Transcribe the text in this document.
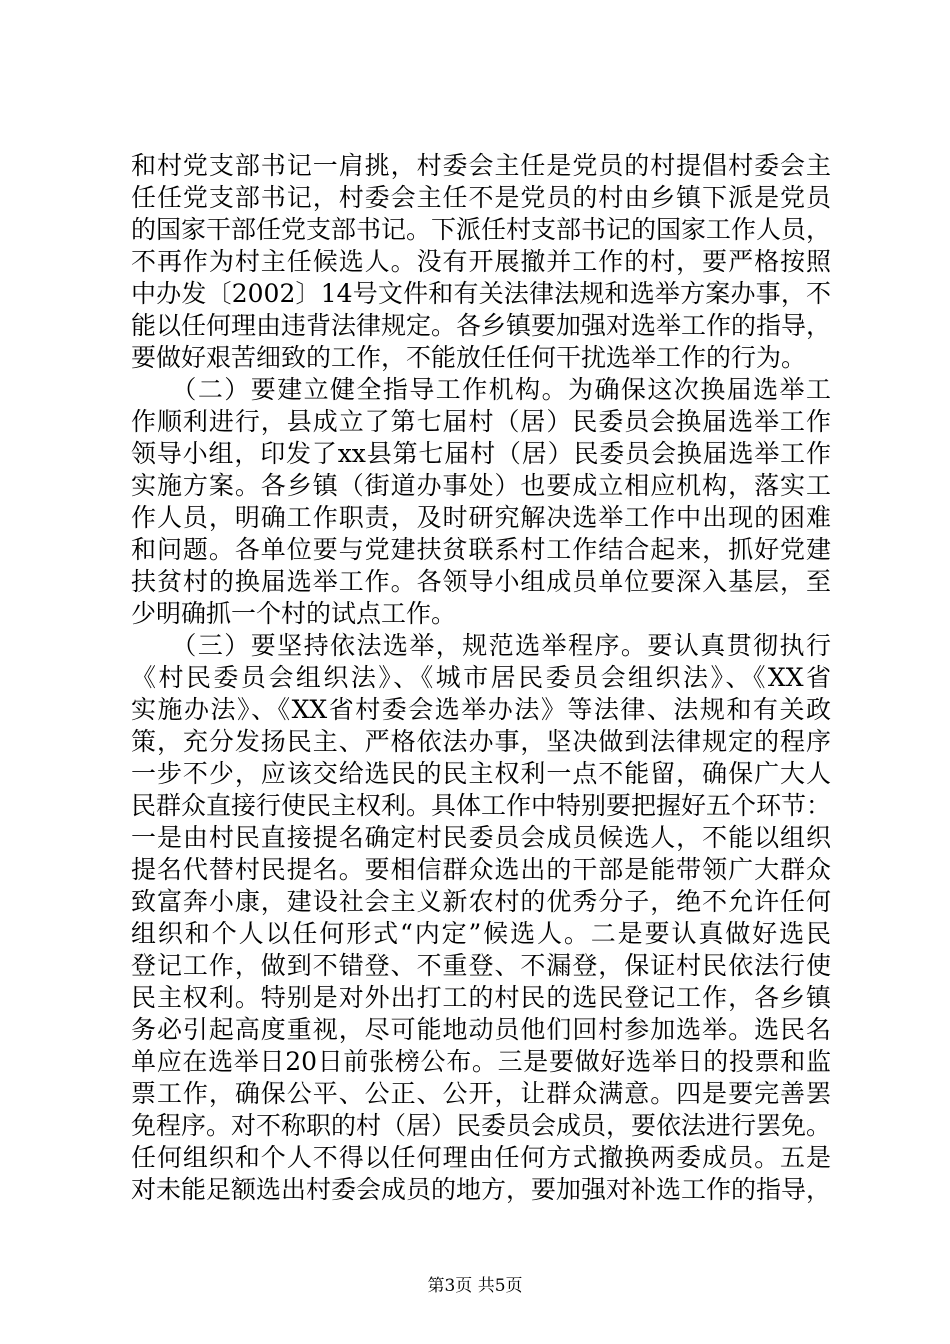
和村党支部书记一肩挑，村委会主任是党员的村提倡村委会主
任任党支部书记，村委会主任不是党员的村由乡镇下派是党员
的国家干部任党支部书记。下派任村支部书记的国家工作人员，
不再作为村主任候选人。没有开展撤并工作的村，要严格按照
中办发〔2002〕14号文件和有关法律法规和选举方案办事，不
能以任何理由违背法律规定。各乡镇要加强对选举工作的指导，
要做好艰苦细致的工作，不能放任任何干扰选举工作的行为。
　　（二）要建立健全指导工作机构。为确保这次换届选举工
作顺利进行，县成立了第七届村（居）民委员会换届选举工作
领导小组，印发了xx县第七届村（居）民委员会换届选举工作
实施方案。各乡镇（街道办事处）也要成立相应机构，落实工
作人员，明确工作职责，及时研究解决选举工作中出现的困难
和问题。各单位要与党建扶贫联系村工作结合起来，抓好党建
扶贫村的换届选举工作。各领导小组成员单位要深入基层，至
少明确抓一个村的试点工作。
　　（三）要坚持依法选举，规范选举程序。要认真贯彻执行
《村民委员会组织法》、《城市居民委员会组织法》、《XX省
实施办法》、《XX省村委会选举办法》等法律、法规和有关政
策，充分发扬民主、严格依法办事，坚决做到法律规定的程序
一步不少，应该交给选民的民主权利一点不能留，确保广大人
民群众直接行使民主权利。具体工作中特别要把握好五个环节：
一是由村民直接提名确定村民委员会成员候选人，不能以组织
提名代替村民提名。要相信群众选出的干部是能带领广大群众
致富奔小康，建设社会主义新农村的优秀分子，绝不允许任何
组织和个人以任何形式“内定”候选人。二是要认真做好选民
登记工作，做到不错登、不重登、不漏登，保证村民依法行使
民主权利。特别是对外出打工的村民的选民登记工作，各乡镇
务必引起高度重视，尽可能地动员他们回村参加选举。选民名
单应在选举日20日前张榜公布。三是要做好选举日的投票和监
票工作，确保公平、公正、公开，让群众满意。四是要完善罢
免程序。对不称职的村（居）民委员会成员，要依法进行罢免。
任何组织和个人不得以任何理由任何方式撤换两委成员。五是
对未能足额选出村委会成员的地方，要加强对补选工作的指导，
第3页 共5页
